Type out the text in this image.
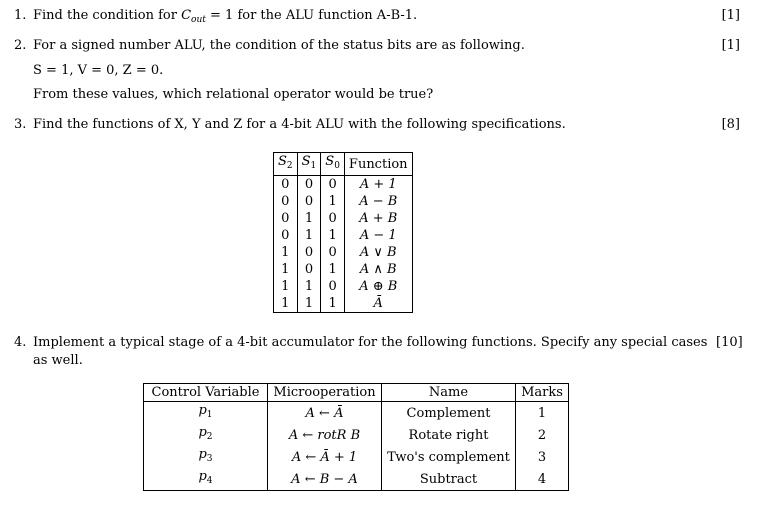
1. Find the condition for $C_{out} = 1$ for the ALU function A-B-1.	[1]
2. For a signed number ALU, the condition of the status bits are as following.	[1]
S = 1, V = 0, Z = 0.
From these values, which relational operator would be true?
3. Find the functions of X, Y and Z for a 4-bit ALU with the following specifications.	[8]
$S_2$	$S_1$	$S_0$	Function
0	0	0	A + 1
0	0	1	A − B
0	1	0	A + B
0	1	1	A − 1
1	0	0	A ∨ B
1	0	1	A ∧ B
1	1	0	A ⊕ B
1	1	1	Ā
4. Implement a typical stage of a 4-bit accumulator for the following functions. Specify any special cases [10]
as well.
Control Variable	Microoperation	Name	Marks
$p_1$	A ← Ā	Complement	1
$p_2$	A ← rotR B	Rotate right	2
$p_3$	A ← Ā + 1	Two's complement	3
$p_4$	A ← B − A	Subtract	4
